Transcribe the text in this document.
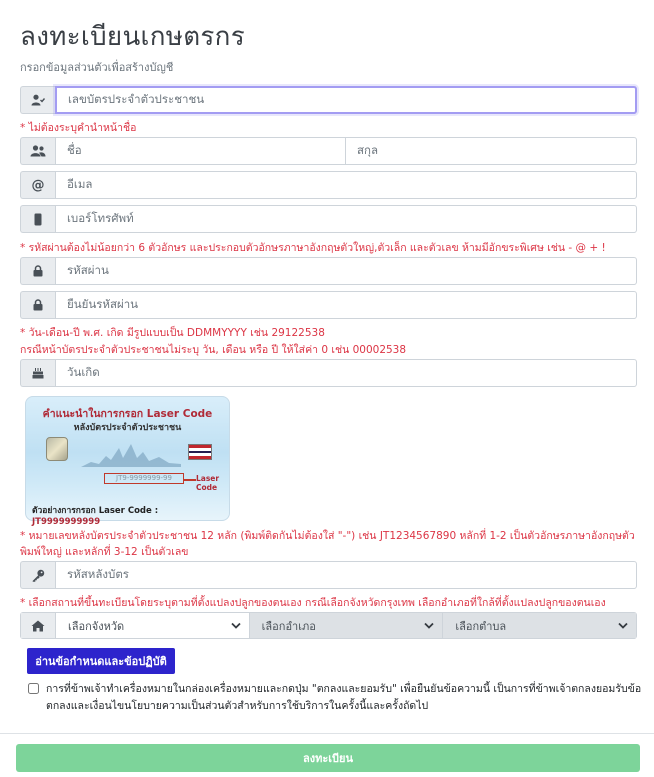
ลงทะเบียนเกษตรกร
กรอกข้อมูลส่วนตัวเพื่อสร้างบัญชี
เลขบัตรประจำตัวประชาชน
* ไม่ต้องระบุคำนำหน้าชื่อ
ชื่อ	สกุล
@	อีเมล
เบอร์โทรศัพท์
* รหัสผ่านต้องไม่น้อยกว่า 6 ตัวอักษร และประกอบตัวอักษรภาษาอังกฤษตัวใหญ่,ตัวเล็ก และตัวเลข ห้ามมีอักขระพิเศษ เช่น - @ + !
รหัสผ่าน
ยืนยันรหัสผ่าน
* วัน-เดือน-ปี พ.ศ. เกิด มีรูปแบบเป็น DDMMYYYY เช่น 29122538
กรณีหน้าบัตรประจำตัวประชาชนไม่ระบุ วัน, เดือน หรือ ปี ให้ใส่ค่า 0 เช่น 00002538
วันเกิด
คำแนะนำในการกรอก Laser Code
หลังบัตรประจำตัวประชาชน
JT9-9999999-99	Laser Code
ตัวอย่างการกรอก Laser Code : JT9999999999
* หมายเลขหลังบัตรประจำตัวประชาชน 12 หลัก (พิมพ์ติดกันไม่ต้องใส่ "-") เช่น JT1234567890 หลักที่ 1-2 เป็นตัวอักษรภาษาอังกฤษตัวพิมพ์ใหญ่ และหลักที่ 3-12 เป็นตัวเลข
รหัสหลังบัตร
* เลือกสถานที่ขึ้นทะเบียนโดยระบุตามที่ตั้งแปลงปลูกของตนเอง กรณีเลือกจังหวัดกรุงเทพ เลือกอำเภอที่ใกล้ที่ตั้งแปลงปลูกของตนเอง
เลือกจังหวัด	เลือกอำเภอ	เลือกตำบล
อ่านข้อกำหนดและข้อปฏิบัติ
การที่ข้าพเจ้าทำเครื่องหมายในกล่องเครื่องหมายและกดปุ่ม "ตกลงและยอมรับ" เพื่อยืนยันข้อความนี้ เป็นการที่ข้าพเจ้าตกลงยอมรับข้อตกลงและเงื่อนไขนโยบายความเป็นส่วนตัวสำหรับการใช้บริการในครั้งนี้และครั้งถัดไป
ลงทะเบียน
